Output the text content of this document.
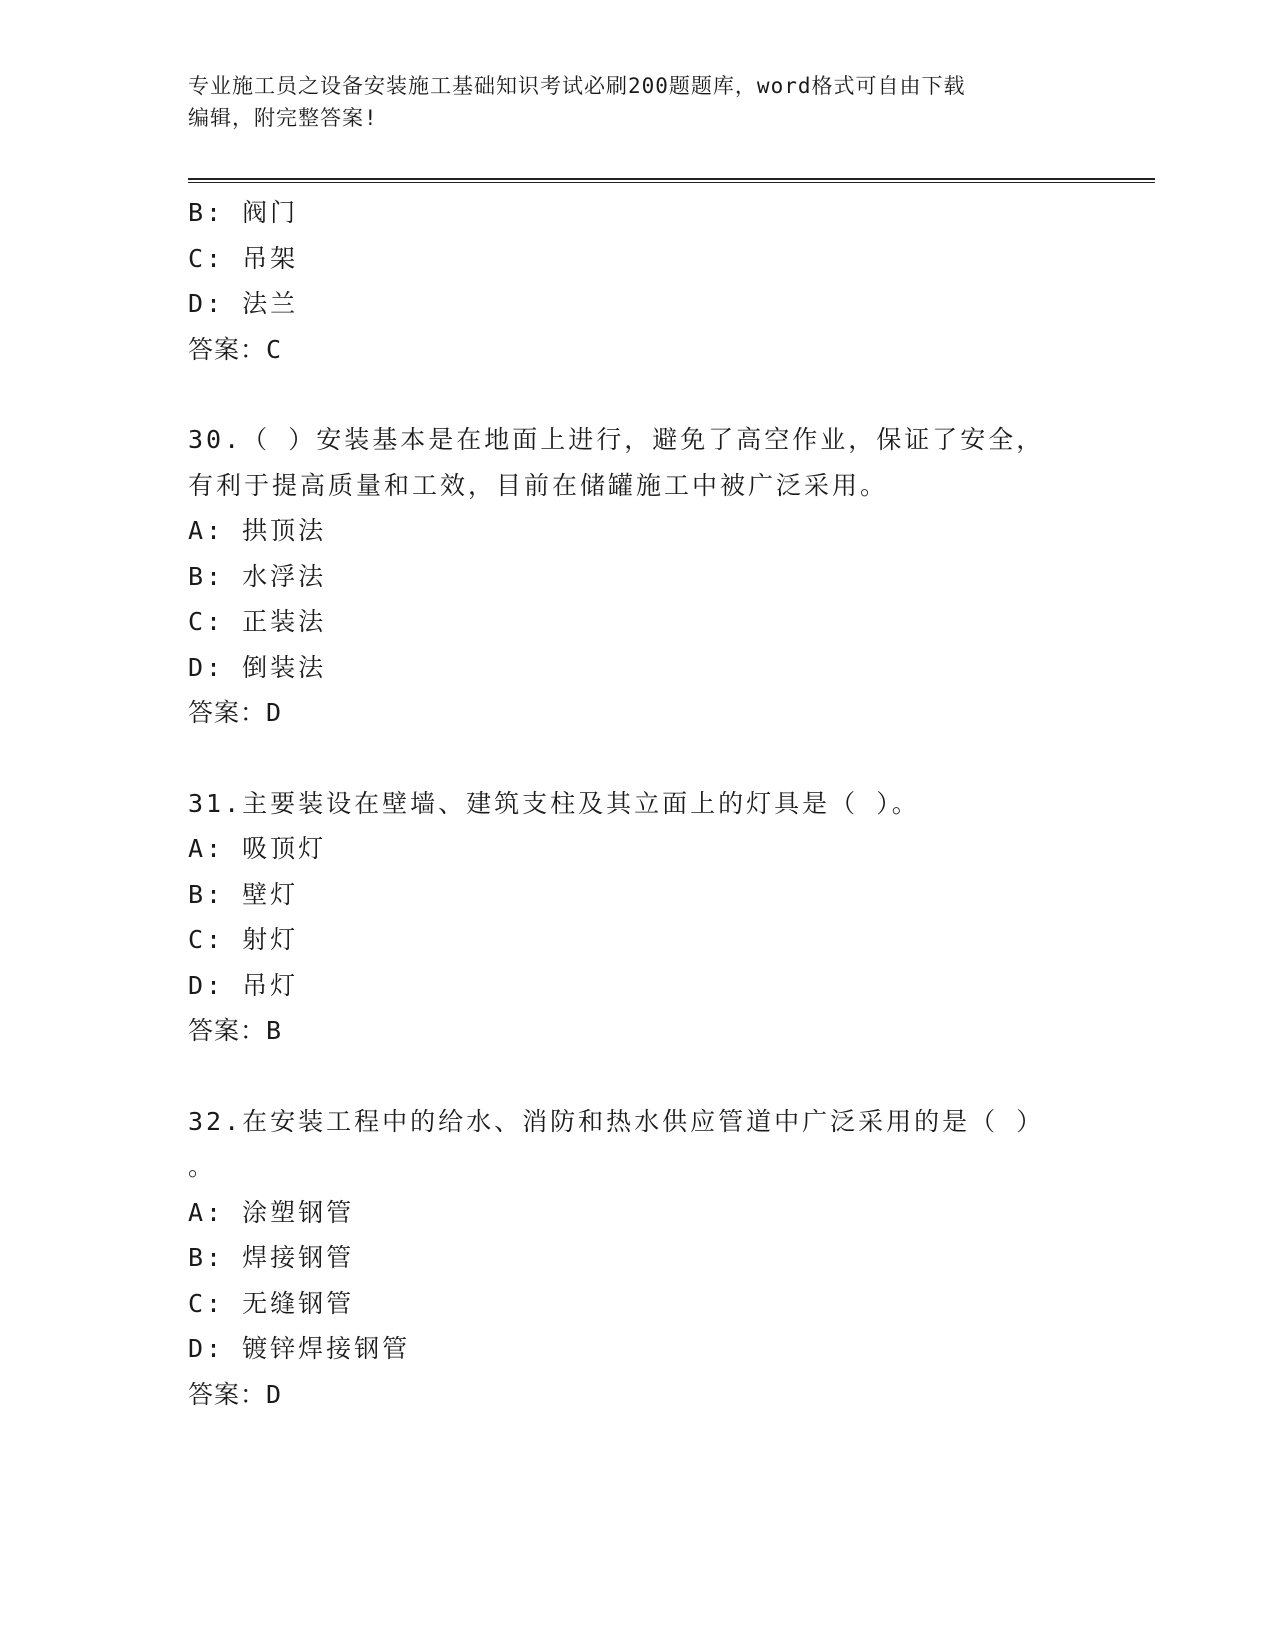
专业施工员之设备安装施工基础知识考试必刷200题题库，word格式可自由下载
编辑，附完整答案!
B: 阀门
C: 吊架
D: 法兰
答案：C
30.（ ）安装基本是在地面上进行，避免了高空作业，保证了安全，
有利于提高质量和工效，目前在储罐施工中被广泛采用。
A: 拱顶法
B: 水浮法
C: 正装法
D: 倒装法
答案：D
31.主要装设在壁墙、建筑支柱及其立面上的灯具是（ ）。
A: 吸顶灯
B: 壁灯
C: 射灯
D: 吊灯
答案：B
32.在安装工程中的给水、消防和热水供应管道中广泛采用的是（ ）
。
A: 涂塑钢管
B: 焊接钢管
C: 无缝钢管
D: 镀锌焊接钢管
答案：D
